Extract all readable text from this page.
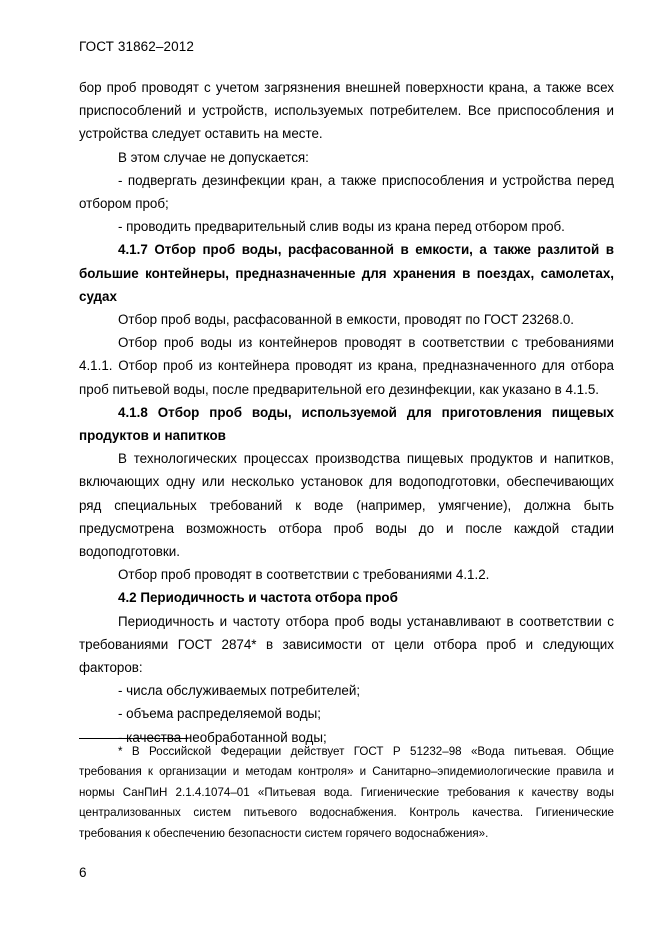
ГОСТ 31862–2012

бор проб проводят с учетом загрязнения внешней поверхности крана, а также всех приспособлений и устройств, используемых потребителем. Все приспособления и устройства следует оставить на месте.

В этом случае не допускается:

- подвергать дезинфекции кран, а также приспособления и устройства перед отбором проб;

- проводить предварительный слив воды из крана перед отбором проб.

4.1.7 Отбор проб воды, расфасованной в емкости, а также разлитой в большие контейнеры, предназначенные для хранения в поездах, самолетах, судах

Отбор проб воды, расфасованной в емкости, проводят по ГОСТ 23268.0.

Отбор проб воды из контейнеров проводят в соответствии с требованиями 4.1.1. Отбор проб из контейнера проводят из крана, предназначенного для отбора проб питьевой воды, после предварительной его дезинфекции, как указано в 4.1.5.

4.1.8 Отбор проб воды, используемой для приготовления пищевых продуктов и напитков

В технологических процессах производства пищевых продуктов и напитков, включающих одну или несколько установок для водоподготовки, обеспечивающих ряд специальных требований к воде (например, умягчение), должна быть предусмотрена возможность отбора проб воды до и после каждой стадии водоподготовки.

Отбор проб проводят в соответствии с требованиями 4.1.2.

4.2 Периодичность и частота отбора проб

Периодичность и частоту отбора проб воды устанавливают в соответствии с требованиями ГОСТ 2874* в зависимости от цели отбора проб и следующих факторов:

- числа обслуживаемых потребителей;

- объема распределяемой воды;

- качества необработанной воды;

* В Российской Федерации действует ГОСТ Р 51232–98 «Вода питьевая. Общие требования к организации и методам контроля» и Санитарно–эпидемиологические правила и нормы СанПиН 2.1.4.1074–01 «Питьевая вода. Гигиенические требования к качеству воды централизованных систем питьевого водоснабжения. Контроль качества. Гигиенические требования к обеспечению безопасности систем горячего водоснабжения».

6
